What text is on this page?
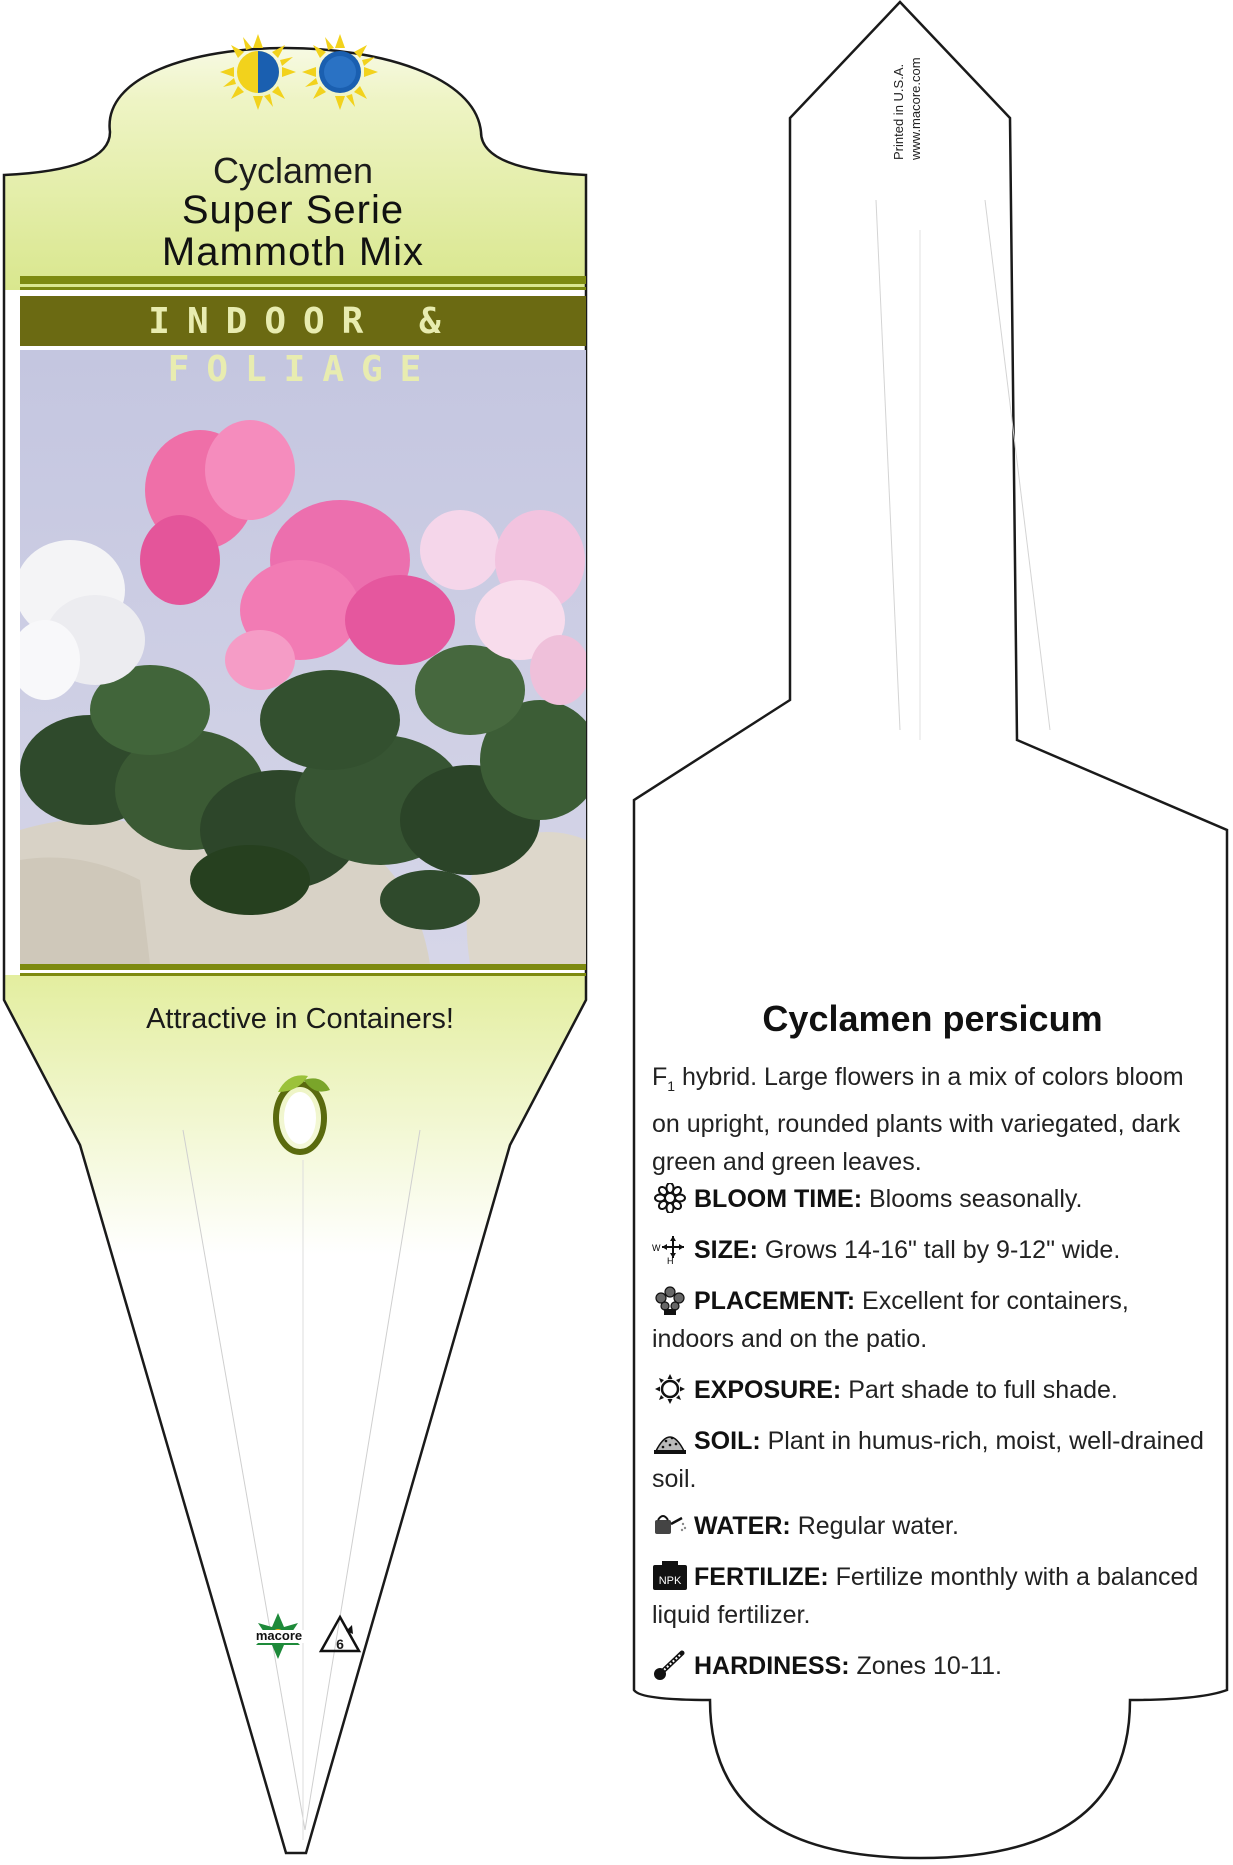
Cyclamen
Super Serie
Mammoth Mix
INDOOR & FOLIAGE
Attractive in Containers!
macore
6
Printed in U.S.A. www.macore.com
Cyclamen persicum
$F_1$ hybrid. Large flowers in a mix of colors bloom on upright, rounded plants with variegated, dark green and green leaves.
BLOOM TIME: Blooms seasonally.
W
H SIZE: Grows 14-16" tall by 9-12" wide.
PLACEMENT: Excellent for containers, indoors and on the patio.
EXPOSURE: Part shade to full shade.
SOIL: Plant in humus-rich, moist, well-drained soil.
WATER: Regular water.
NPK FERTILIZE: Fertilize monthly with a balanced liquid fertilizer.
HARDINESS: Zones 10-11.
